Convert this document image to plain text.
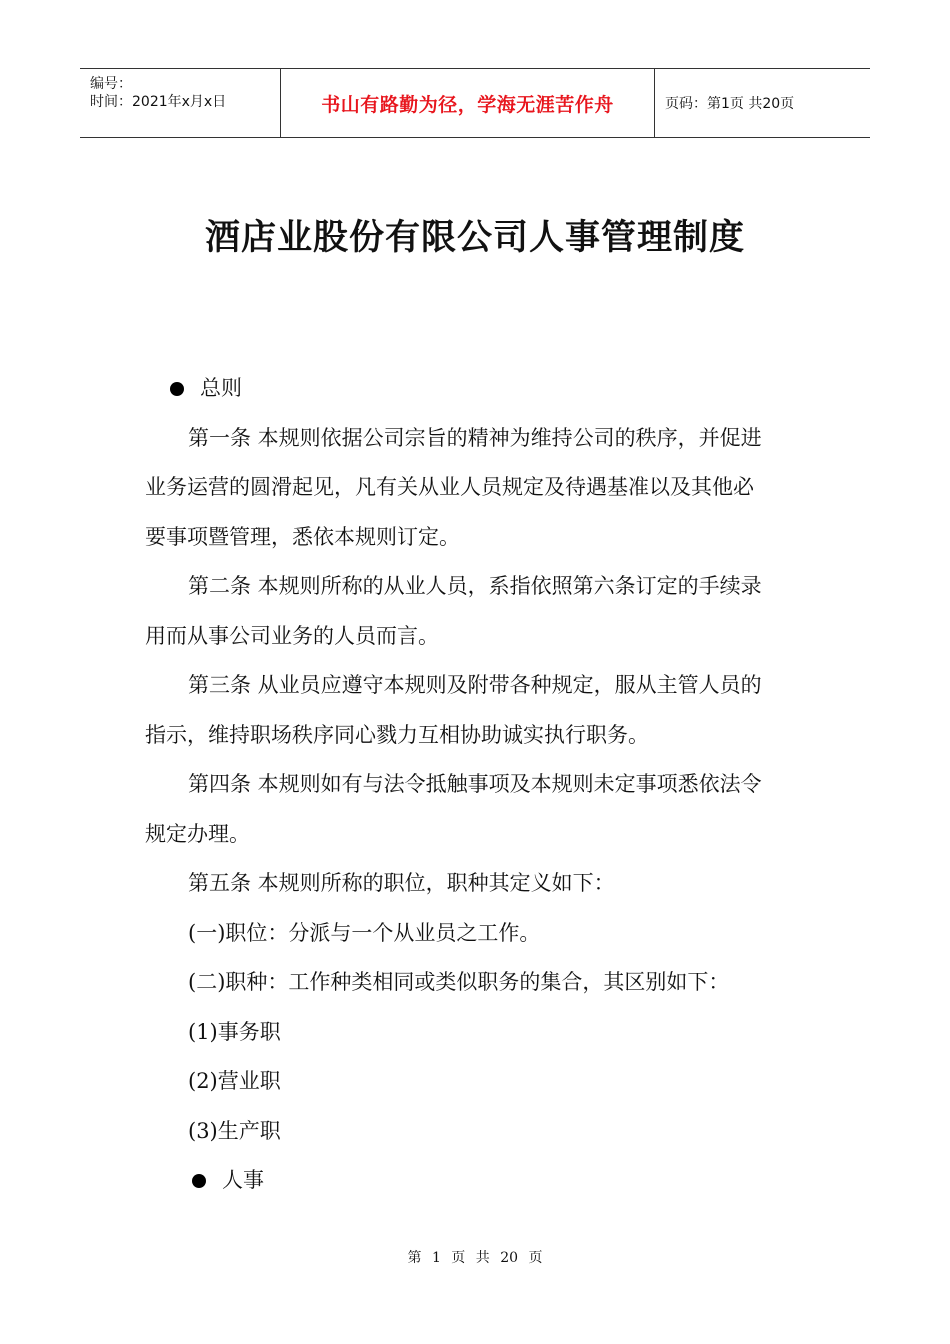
编号：
时间：2021年x月x日	书山有路勤为径，学海无涯苦作舟	页码：第1页 共20页
酒店业股份有限公司人事管理制度
总则
第一条 本规则依据公司宗旨的精神为维持公司的秩序，并促进
业务运营的圆滑起见，凡有关从业人员规定及待遇基准以及其他必
要事项暨管理，悉依本规则订定。
第二条 本规则所称的从业人员，系指依照第六条订定的手续录
用而从事公司业务的人员而言。
第三条 从业员应遵守本规则及附带各种规定，服从主管人员的
指示，维持职场秩序同心戮力互相协助诚实执行职务。
第四条 本规则如有与法令抵触事项及本规则未定事项悉依法令
规定办理。
第五条 本规则所称的职位，职种其定义如下：
(一)职位：分派与一个从业员之工作。
(二)职种：工作种类相同或类似职务的集合，其区别如下：
(1)事务职
(2)营业职
(3)生产职
人事
第 1 页 共 20 页
